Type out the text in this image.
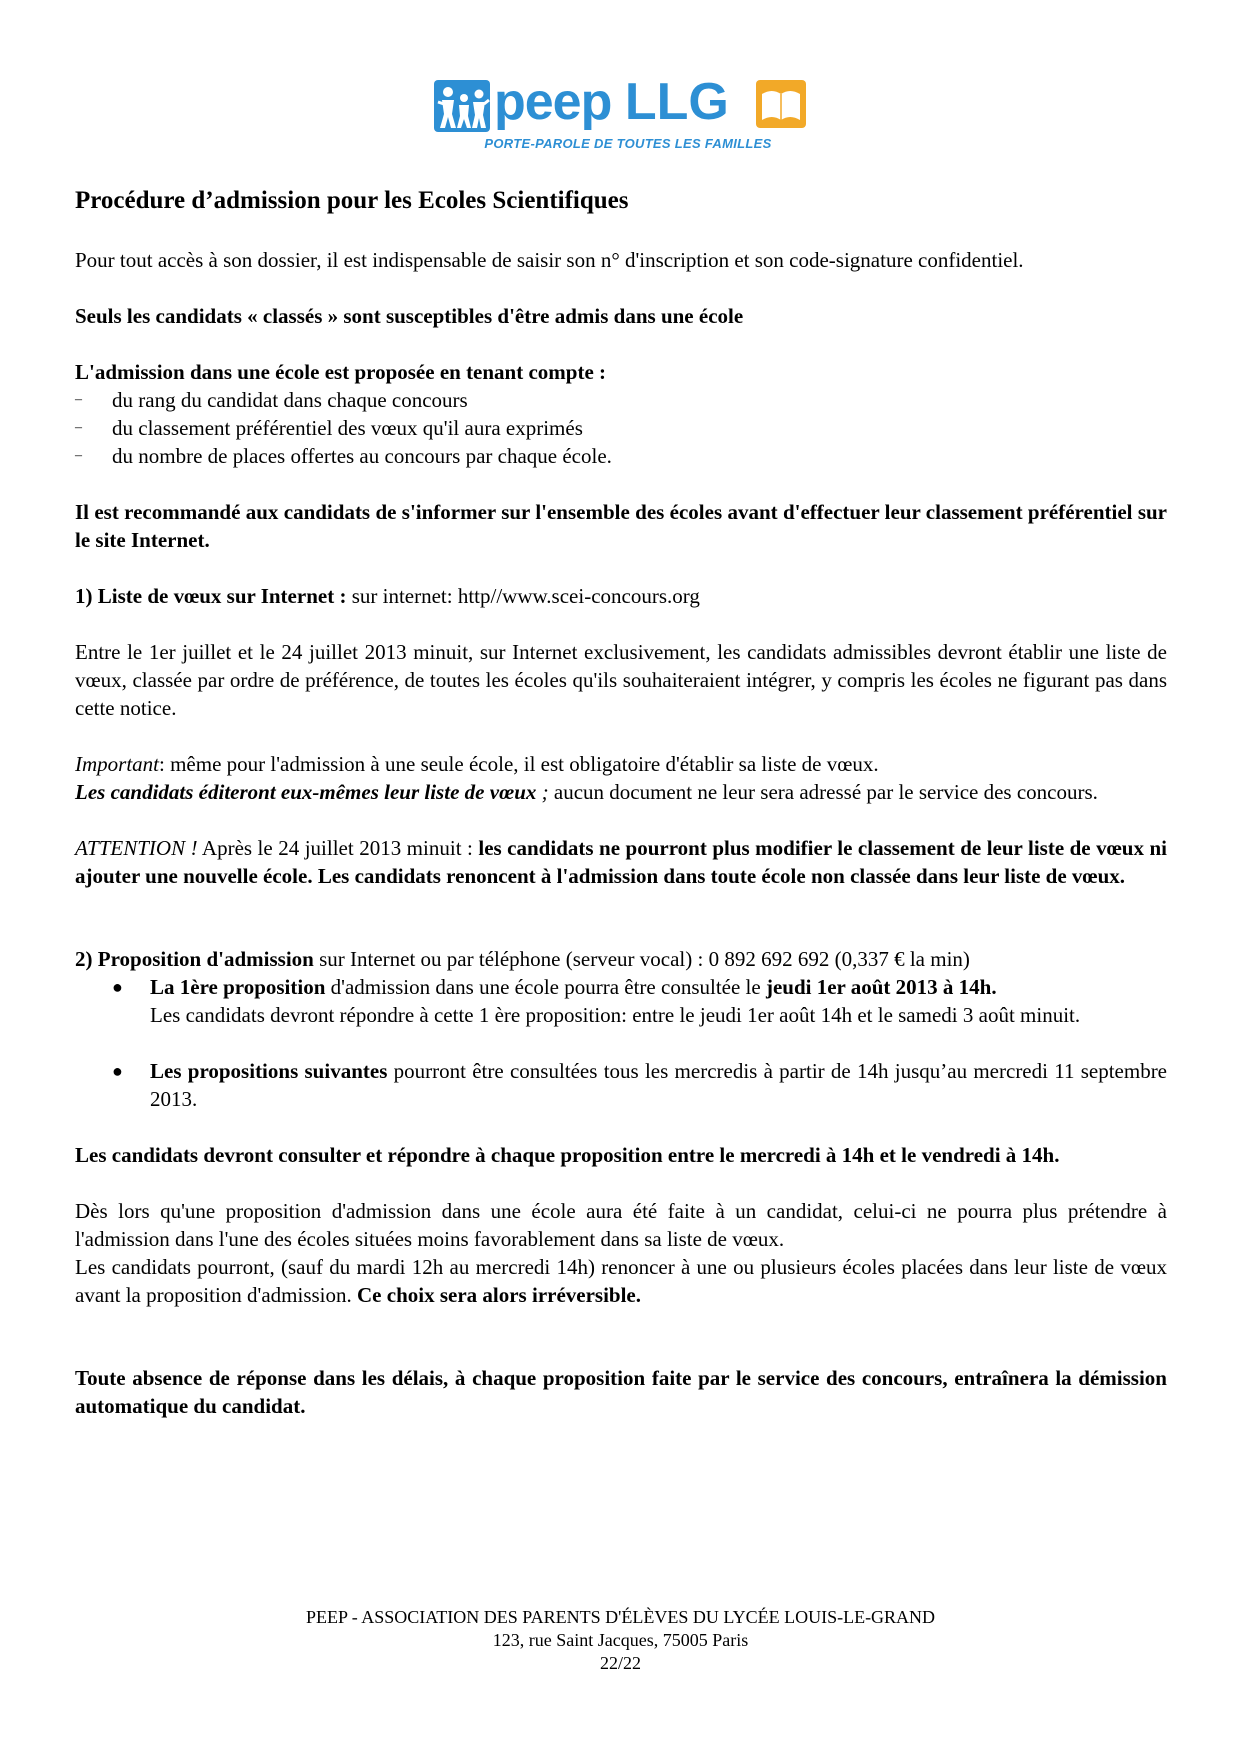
peep LLG
PORTE-PAROLE DE TOUTES LES FAMILLES
Procédure d’admission pour les Ecoles Scientifiques

Pour tout accès à son dossier, il est indispensable de saisir son n° d'inscription et son code-signature confidentiel.

Seuls les candidats « classés » sont susceptibles d'être admis dans une école

L'admission dans une école est proposée en tenant compte :

– du rang du candidat dans chaque concours
– du classement préférentiel des vœux qu'il aura exprimés
– du nombre de places offertes au concours par chaque école.

Il est recommandé aux candidats de s'informer sur l'ensemble des écoles avant d'effectuer leur classement préférentiel sur le site Internet.

1) Liste de vœux sur Internet : sur internet: http//www.scei-concours.org

Entre le 1er juillet et le 24 juillet 2013 minuit, sur Internet exclusivement, les candidats admissibles devront établir une liste de vœux, classée par ordre de préférence, de toutes les écoles qu'ils souhaiteraient intégrer, y compris les écoles ne figurant pas dans cette notice.

Important: même pour l'admission à une seule école, il est obligatoire d'établir sa liste de vœux.

Les candidats éditeront eux-mêmes leur liste de vœux ; aucun document ne leur sera adressé par le service des concours.

ATTENTION ! Après le 24 juillet 2013 minuit : les candidats ne pourront plus modifier le classement de leur liste de vœux ni ajouter une nouvelle école. Les candidats renoncent à l'admission dans toute école non classée dans leur liste de vœux.

2) Proposition d'admission sur Internet ou par téléphone (serveur vocal) : 0 892 692 692 (0,337 € la min)

● La 1ère proposition d'admission dans une école pourra être consultée le jeudi 1er août 2013 à 14h.
Les candidats devront répondre à cette 1 ère proposition: entre le jeudi 1er août 14h et le samedi 3 août minuit.
● Les propositions suivantes pourront être consultées tous les mercredis à partir de 14h jusqu’au mercredi 11 septembre 2013.

Les candidats devront consulter et répondre à chaque proposition entre le mercredi à 14h et le vendredi à 14h.

Dès lors qu'une proposition d'admission dans une école aura été faite à un candidat, celui-ci ne pourra plus prétendre à l'admission dans l'une des écoles situées moins favorablement dans sa liste de vœux.

Les candidats pourront, (sauf du mardi 12h au mercredi 14h) renoncer à une ou plusieurs écoles placées dans leur liste de vœux avant la proposition d'admission. Ce choix sera alors irréversible.

Toute absence de réponse dans les délais, à chaque proposition faite par le service des concours, entraînera la démission automatique du candidat.

PEEP - ASSOCIATION DES PARENTS D'ÉLÈVES DU LYCÉE LOUIS-LE-GRAND
123, rue Saint Jacques, 75005 Paris
22/22
